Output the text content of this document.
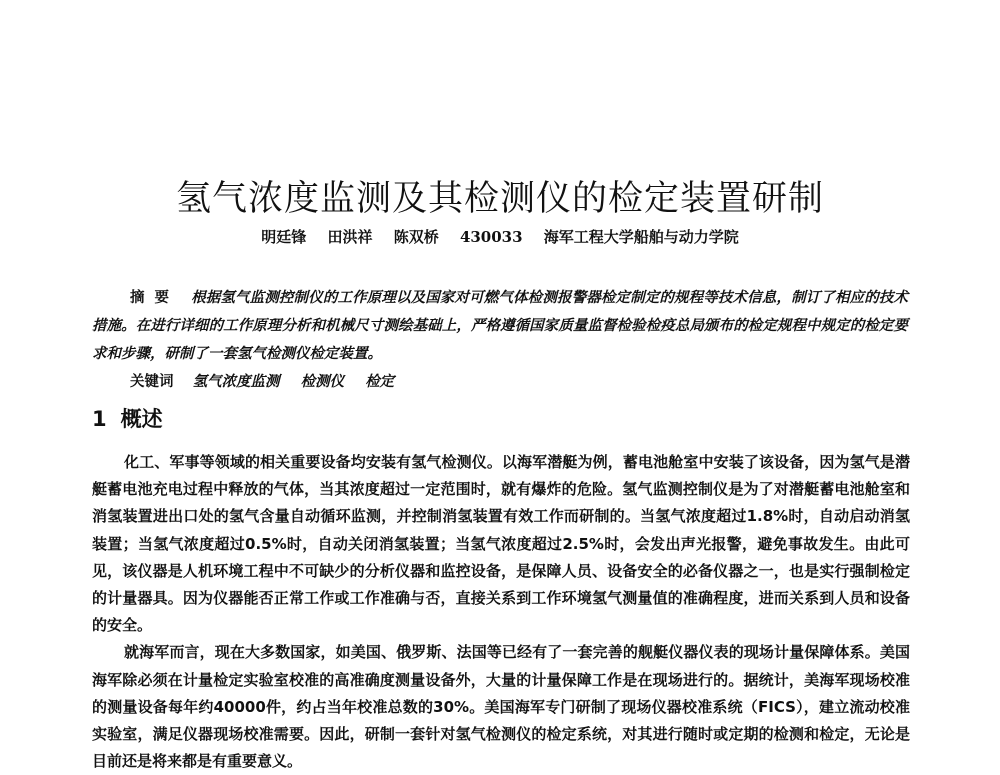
氢气浓度监测及其检测仪的检定装置研制
明廷锋 田洪祥 陈双桥 430033 海军工程大学船舶与动力学院
摘要 根据氢气监测控制仪的工作原理以及国家对可燃气体检测报警器检定制定的规程等技术信息，制订了相应的技术措施。在进行详细的工作原理分析和机械尺寸测绘基础上，严格遵循国家质量监督检验检疫总局颁布的检定规程中规定的检定要求和步骤，研制了一套氢气检测仪检定装置。
关键词 氢气浓度监测 检测仪 检定
1 概述

化工、军事等领域的相关重要设备均安装有氢气检测仪。以海军潜艇为例，蓄电池舱室中安装了该设备，因为氢气是潜艇蓄电池充电过程中释放的气体，当其浓度超过一定范围时，就有爆炸的危险。氢气监测控制仪是为了对潜艇蓄电池舱室和消氢装置进出口处的氢气含量自动循环监测，并控制消氢装置有效工作而研制的。当氢气浓度超过1.8%时，自动启动消氢装置；当氢气浓度超过0.5%时，自动关闭消氢装置；当氢气浓度超过2.5%时，会发出声光报警，避免事故发生。由此可见，该仪器是人机环境工程中不可缺少的分析仪器和监控设备，是保障人员、设备安全的必备仪器之一，也是实行强制检定的计量器具。因为仪器能否正常工作或工作准确与否，直接关系到工作环境氢气测量值的准确程度，进而关系到人员和设备的安全。

就海军而言，现在大多数国家，如美国、俄罗斯、法国等已经有了一套完善的舰艇仪器仪表的现场计量保障体系。美国海军除必须在计量检定实验室校准的高准确度测量设备外，大量的计量保障工作是在现场进行的。据统计，美海军现场校准的测量设备每年约40000件，约占当年校准总数的30%。美国海军专门研制了现场仪器校准系统（FICS），建立流动校准实验室，满足仪器现场校准需要。因此，研制一套针对氢气检测仪的检定系统，对其进行随时或定期的检测和检定，无论是目前还是将来都是有重要意义。
